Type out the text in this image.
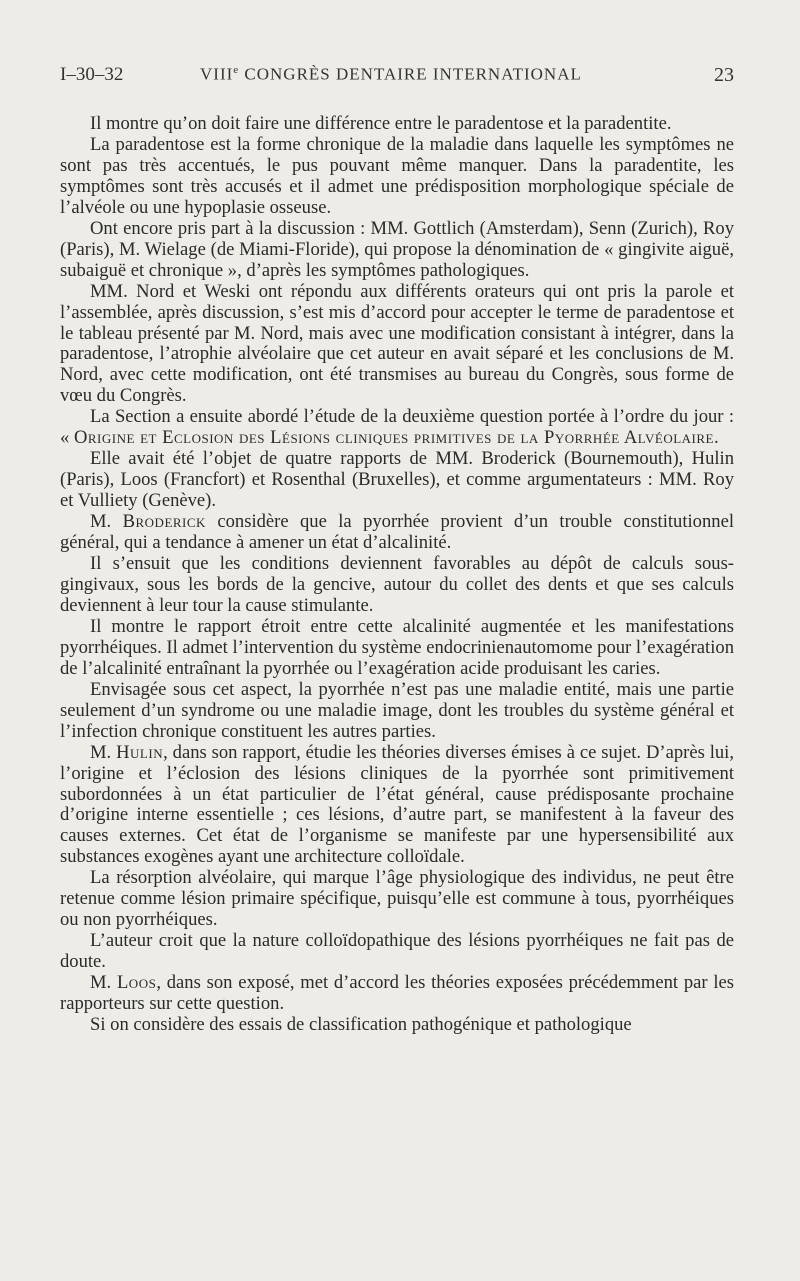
I–30–32	VIIIe CONGRÈS DENTAIRE INTERNATIONAL	23

Il montre qu’on doit faire une différence entre le paradentose et la paradentite.

La paradentose est la forme chronique de la maladie dans laquelle les symptômes ne sont pas très accentués, le pus pouvant même manquer. Dans la paradentite, les symptômes sont très accusés et il admet une prédisposition morphologique spéciale de l’alvéole ou une hypoplasie osseuse.

Ont encore pris part à la discussion : MM. Gottlich (Amsterdam), Senn (Zurich), Roy (Paris), M. Wielage (de Miami-Floride), qui propose la dénomination de « gingivite aiguë, subaiguë et chronique », d’après les symptômes pathologiques.

MM. Nord et Weski ont répondu aux différents orateurs qui ont pris la parole et l’assemblée, après discussion, s’est mis d’accord pour accepter le terme de paradentose et le tableau présenté par M. Nord, mais avec une modification consistant à intégrer, dans la paradentose, l’atrophie alvéolaire que cet auteur en avait séparé et les conclusions de M. Nord, avec cette modification, ont été transmises au bureau du Congrès, sous forme de vœu du Congrès.

La Section a ensuite abordé l’étude de la deuxième question portée à l’ordre du jour : « Origine et Eclosion des Lésions cliniques primitives de la Pyorrhée Alvéolaire.

Elle avait été l’objet de quatre rapports de MM. Broderick (Bournemouth), Hulin (Paris), Loos (Francfort) et Rosenthal (Bruxelles), et comme argumentateurs : MM. Roy et Vulliety (Genève).

M. Broderick considère que la pyorrhée provient d’un trouble constitutionnel général, qui a tendance à amener un état d’alcalinité.

Il s’ensuit que les conditions deviennent favorables au dépôt de calculs sous-gingivaux, sous les bords de la gencive, autour du collet des dents et que ses calculs deviennent à leur tour la cause stimulante.

Il montre le rapport étroit entre cette alcalinité augmentée et les manifestations pyorrhéiques. Il admet l’intervention du système endocrinienautomome pour l’exagération de l’alcalinité entraînant la pyorrhée ou l’exagération acide produisant les caries.

Envisagée sous cet aspect, la pyorrhée n’est pas une maladie entité, mais une partie seulement d’un syndrome ou une maladie image, dont les troubles du système général et l’infection chronique constituent les autres parties.

M. Hulin, dans son rapport, étudie les théories diverses émises à ce sujet. D’après lui, l’origine et l’éclosion des lésions cliniques de la pyorrhée sont primitivement subordonnées à un état particulier de l’état général, cause prédisposante prochaine d’origine interne essentielle ; ces lésions, d’autre part, se manifestent à la faveur des causes externes. Cet état de l’organisme se manifeste par une hypersensibilité aux substances exogènes ayant une architecture colloïdale.

La résorption alvéolaire, qui marque l’âge physiologique des individus, ne peut être retenue comme lésion primaire spécifique, puisqu’elle est commune à tous, pyorrhéiques ou non pyorrhéiques.

L’auteur croit que la nature colloïdopathique des lésions pyorrhéiques ne fait pas de doute.

M. Loos, dans son exposé, met d’accord les théories exposées précédemment par les rapporteurs sur cette question.

Si on considère des essais de classification pathogénique et pathologique
